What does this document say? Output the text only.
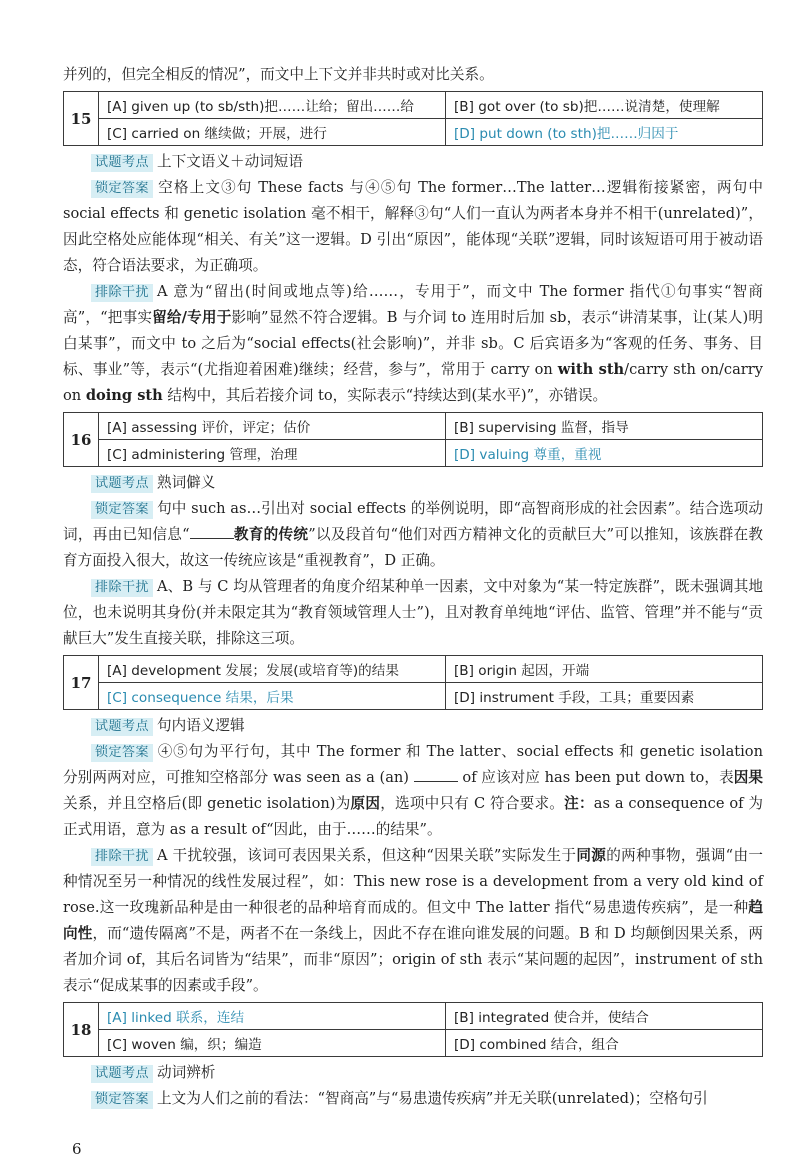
并列的，但完全相反的情况”，而文中上下文并非共时或对比关系。

15	[A] given up (to sb/sth)把……让给；留出……给	[B] got over (to sb)把……说清楚，使理解
	[C] carried on 继续做；开展，进行	[D] put down (to sth)把……归因于

试题考点 上下文语义＋动词短语

锁定答案 空格上文③句 These facts 与④⑤句 The former…The latter…逻辑衔接紧密，两句中 social effects 和 genetic isolation 毫不相干，解释③句“人们一直认为两者本身并不相干(unrelated)”，因此空格处应能体现“相关、有关”这一逻辑。D 引出“原因”，能体现“关联”逻辑，同时该短语可用于被动语态，符合语法要求，为正确项。

排除干扰 A 意为“留出(时间或地点等)给……，专用于”，而文中 The former 指代①句事实“智商高”，“把事实留给/专用于影响”显然不符合逻辑。B 与介词 to 连用时后加 sb，表示“讲清某事，让(某人)明白某事”，而文中 to 之后为“social effects(社会影响)”，并非 sb。C 后宾语多为“客观的任务、事务、目标、事业”等，表示“(尤指迎着困难)继续；经营，参与”，常用于 carry on with sth/carry sth on/carry on doing sth 结构中，其后若接介词 to，实际表示“持续达到(某水平)”，亦错误。

16	[A] assessing 评价，评定；估价	[B] supervising 监督，指导
	[C] administering 管理，治理	[D] valuing 尊重，重视

试题考点 熟词僻义

锁定答案 句中 such as…引出对 social effects 的举例说明，即“高智商形成的社会因素”。结合选项动词，再由已知信息“	教育的传统”以及段首句“他们对西方精神文化的贡献巨大”可以推知，该族群在教育方面投入很大，故这一传统应该是“重视教育”，D 正确。

排除干扰 A、B 与 C 均从管理者的角度介绍某种单一因素，文中对象为“某一特定族群”，既未强调其地位，也未说明其身份(并未限定其为“教育领域管理人士”)，且对教育单纯地“评估、监管、管理”并不能与“贡献巨大”发生直接关联，排除这三项。

17	[A] development 发展；发展(或培育等)的结果	[B] origin 起因，开端
	[C] consequence 结果，后果	[D] instrument 手段，工具；重要因素

试题考点 句内语义逻辑

锁定答案 ④⑤句为平行句，其中 The former 和 The latter、social effects 和 genetic isolation 分别两两对应，可推知空格部分 was seen as a (an)	of 应该对应 has been put down to，表因果关系，并且空格后(即 genetic isolation)为原因，选项中只有 C 符合要求。注：as a consequence of 为正式用语，意为 as a result of“因此，由于……的结果”。

排除干扰 A 干扰较强，该词可表因果关系，但这种“因果关联”实际发生于同源的两种事物，强调“由一种情况至另一种情况的线性发展过程”，如：This new rose is a development from a very old kind of rose.这一玫瑰新品种是由一种很老的品种培育而成的。但文中 The latter 指代“易患遗传疾病”，是一种趋向性，而“遗传隔离”不是，两者不在一条线上，因此不存在谁向谁发展的问题。B 和 D 均颠倒因果关系，两者加介词 of，其后名词皆为“结果”，而非“原因”；origin of sth 表示“某问题的起因”，instrument of sth 表示“促成某事的因素或手段”。

18	[A] linked 联系，连结	[B] integrated 使合并，使结合
	[C] woven 编，织；编造	[D] combined 结合，组合

试题考点 动词辨析

锁定答案 上文为人们之前的看法：“智商高”与“易患遗传疾病”并无关联(unrelated)；空格句引

6
